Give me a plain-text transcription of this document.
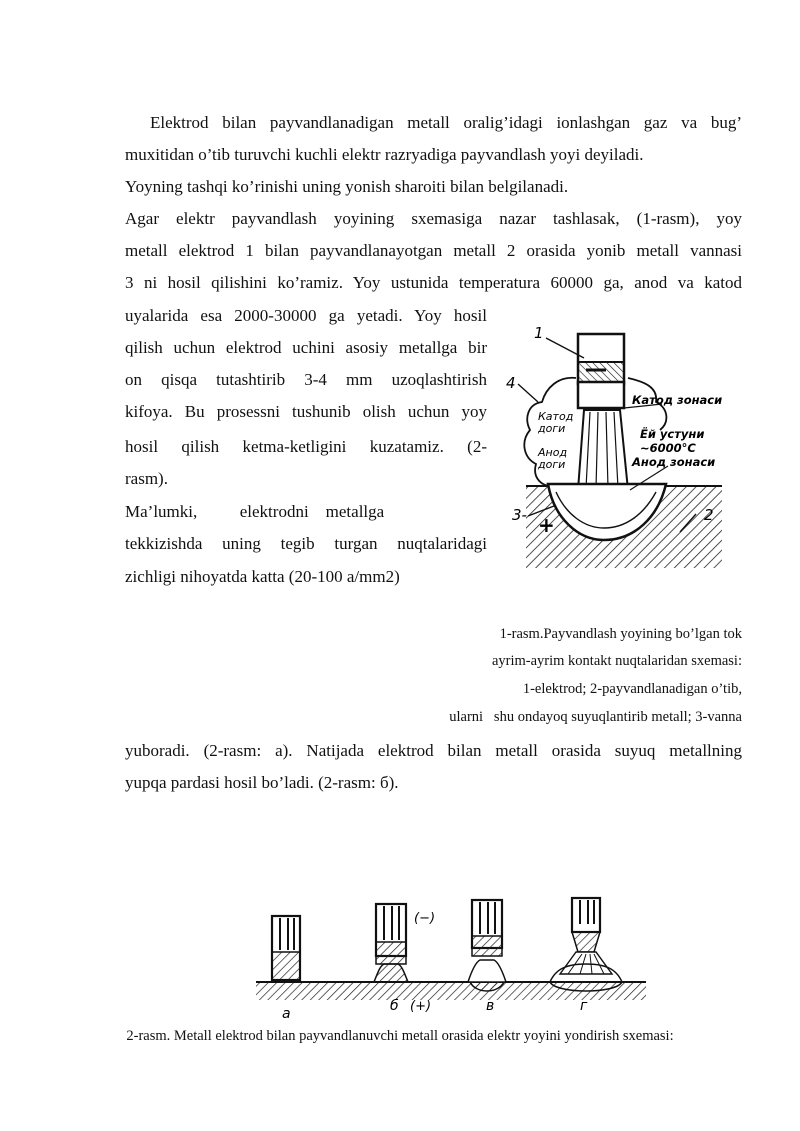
Elektrod bilan payvandlanadigan metall oralig’idagi ionlashgan gaz va bug’
muxitidan o’tib turuvchi kuchli elektr razryadiga payvandlash yoyi deyiladi.
Yoyning tashqi ko’rinishi uning yonish sharoiti bilan belgilanadi.
Agar elektr payvandlash yoyining sxemasiga nazar tashlasak, (1-rasm), yoy
metall elektrod 1 bilan payvandlanayotgan metall 2 orasida yonib metall vannasi
3 ni hosil qilishini ko’ramiz. Yoy ustunida temperatura 60000 ga, anod va katod
uyalarida esa 2000-30000 ga yetadi. Yoy hosil
qilish uchun elektrod uchini asosiy metallga bir
on qisqa tutashtirib 3-4 mm uzoqlashtirish
kifoya. Bu prosessni tushunib olish uchun yoy
hosil qilish ketma-ketligini kuzatamiz. (2-
rasm).
Ma’lumki,          elektrodni    metallga
tekkizishda uning tegib turgan nuqtalaridagi
zichligi nihoyatda katta (20-100 a/mm2)
1
4
3-	2
+
Катод зонаси
Катод
доги	Ёй устуни
~6000°C
Анод зонаси
Анод
доги
1-rasm.Payvandlash yoyining bo’lgan tok
ayrim-ayrim kontakt nuqtalaridan sxemasi:
1-elektrod; 2-payvandlanadigan o’tib,
ularni   shu ondayoq suyuqlantirib metall; 3-vanna
yuboradi. (2-rasm: a). Natijada elektrod bilan metall orasida suyuq metallning
yupqa pardasi hosil bo’ladi. (2-rasm: б).
а	б (+)	в	г
(−)
2-rasm. Metall elektrod bilan payvandlanuvchi metall orasida elektr yoyini yondirish sxemasi:
